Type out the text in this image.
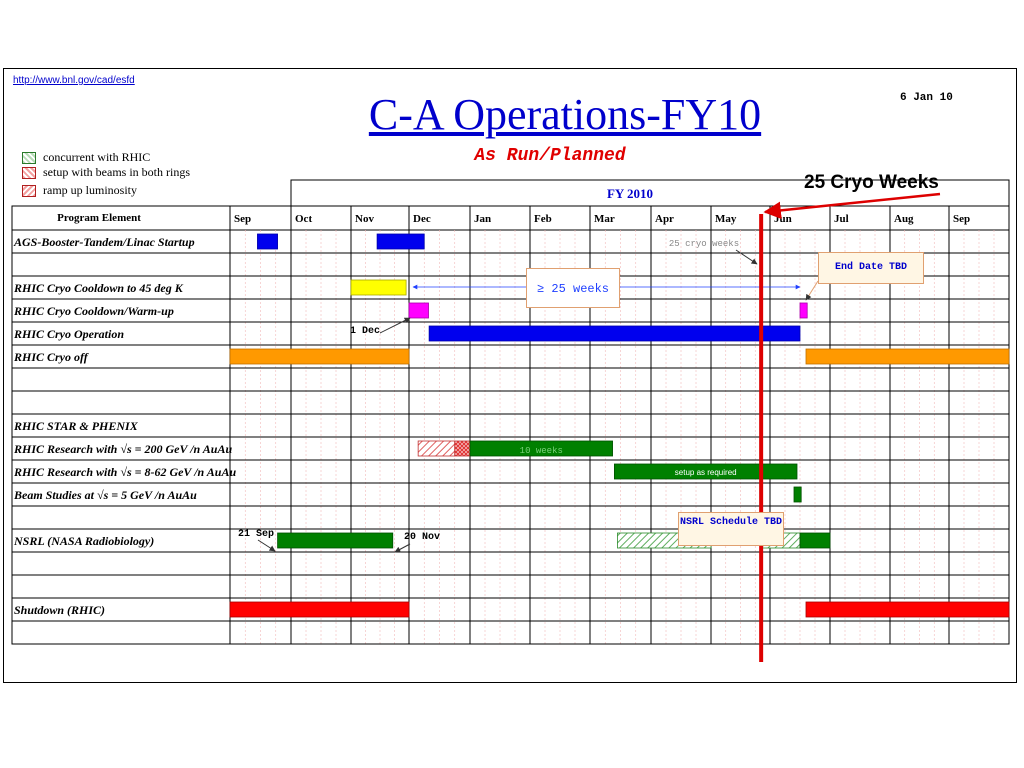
10 weeks
setup as required
FY 2010
Program Element	Sep	Oct	Nov	Dec	Jan	Feb	Mar	Apr	May	Jun	Jul	Aug	Sep
AGS-Booster-Tandem/Linac Startup
RHIC Cryo Cooldown to 45 deg K
RHIC Cryo Cooldown/Warm-up
RHIC Cryo Operation
RHIC Cryo off
RHIC STAR & PHENIX
RHIC Research with √s = 200 GeV /n AuAu
RHIC Research with √s = 8-62 GeV /n AuAu
Beam Studies at √s = 5 GeV /n AuAu
NSRL (NASA Radiobiology)
Shutdown (RHIC)
25 cryo weeks
http://www.bnl.gov/cad/esfd
C-A Operations-FY10
As Run/Planned
6 Jan 10
concurrent with RHIC
setup with beams in both rings
ramp up luminosity	25 Cryo Weeks
≥ 25 weeks
End Date TBD
NSRL Schedule TBD
1 Dec
21 Sep	20 Nov
